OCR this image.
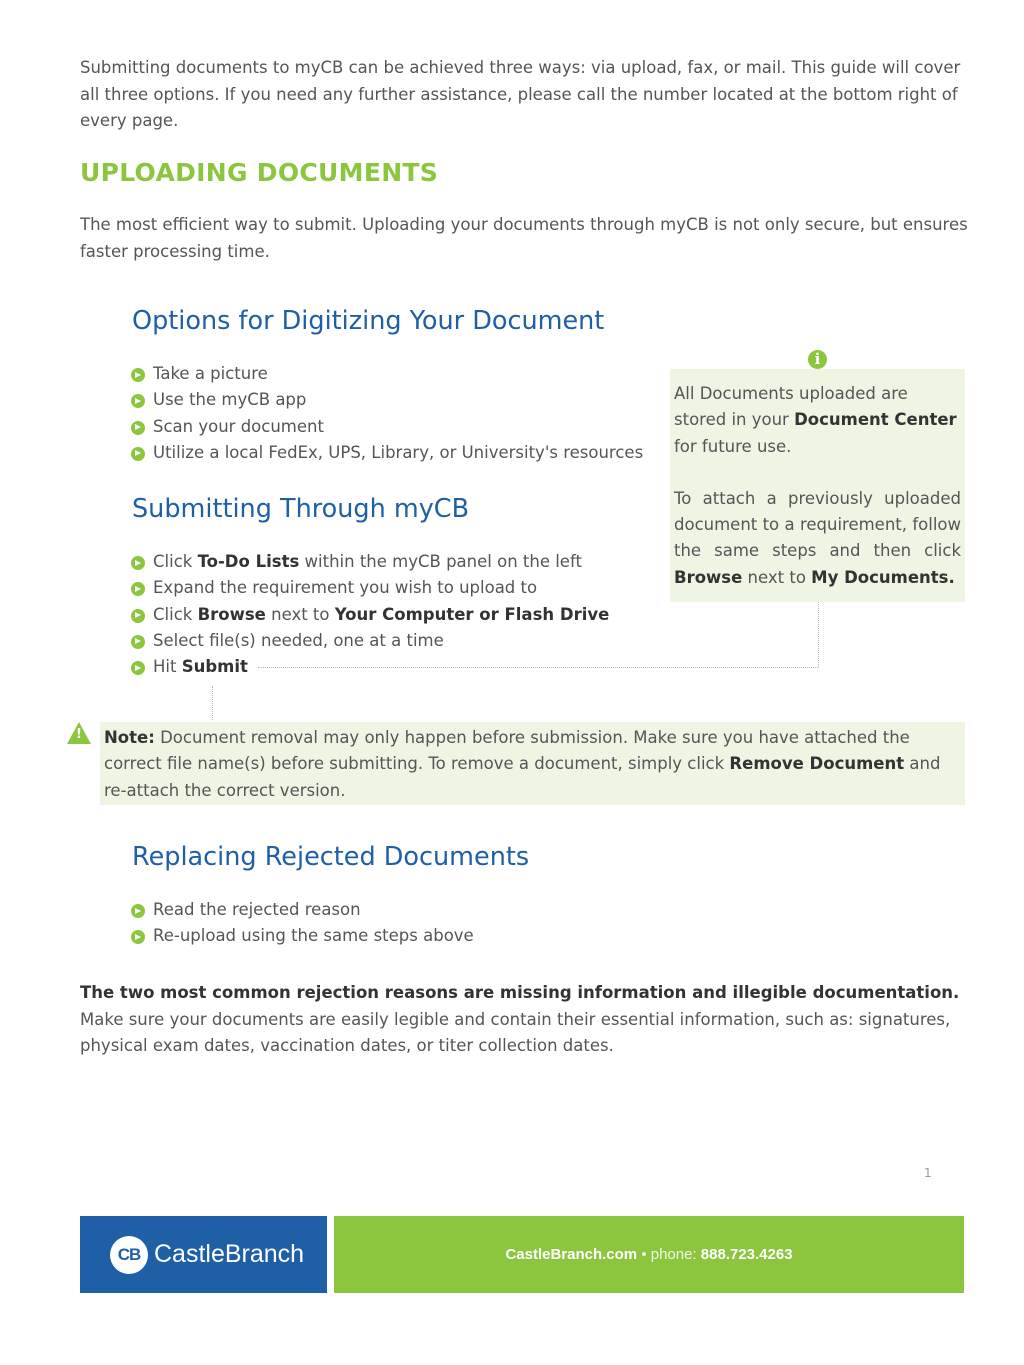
Submitting documents to myCB can be achieved three ways: via upload, fax, or mail. This guide will cover all three options. If you need any further assistance, please call the number located at the bottom right of every page.
UPLOADING DOCUMENTS
The most efficient way to submit. Uploading your documents through myCB is not only secure, but ensures faster processing time.
Options for Digitizing Your Document
Take a picture
Use the myCB app
Scan your document
Utilize a local FedEx, UPS, Library, or University's resources
Submitting Through myCB
Click To-Do Lists within the myCB panel on the left
Expand the requirement you wish to upload to
Click Browse next to Your Computer or Flash Drive
Select file(s) needed, one at a time
Hit Submit
i

All Documents uploaded are stored in your Document Center for future use.

To attach a previously uploaded document to a requirement, follow the same steps and then click Browse next to My Documents.

!	Note: Document removal may only happen before submission. Make sure you have attached the correct file name(s) before submitting. To remove a document, simply click Remove Document and re-attach the correct version.

Replacing Rejected Documents
Read the rejected reason
Re-upload using the same steps above
The two most common rejection reasons are missing information and illegible documentation. Make sure your documents are easily legible and contain their essential information, such as: signatures, physical exam dates, vaccination dates, or titer collection dates.
1
CB CastleBranch	CastleBranch.com • phone: 888.723.4263
